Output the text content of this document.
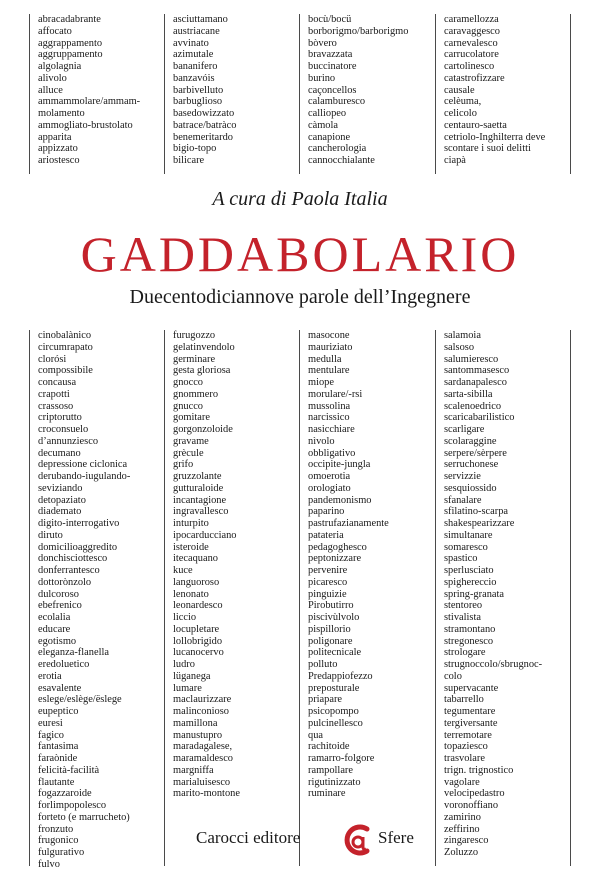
abracadabrante
affocato
aggrappamento
aggruppamento
algolagnia
alivolo
alluce
ammammolare/ammam-
molamento
ammogliato-brustolato
apparita
appizzato
ariostesco
asciuttamano
austriacane
avvinato
azimutale
bananifero
banzavóis
barbivelluto
barbuglioso
basedowizzato
batrace/batràco
benemeritardo
bigio-topo
bilicare
bocù/bocü
borborigmo/barborigmo
bòvero
bravazzata
buccinatore
burino
caçoncellos
calamburesco
calliopeo
càmola
canapione
cancherologia
cannocchialante
caramellozza
caravaggesco
carnevalesco
carrucolatore
cartolinesco
catastrofizzare
causale
celèuma,
celicolo
centauro-saetta
cetriolo-Inghilterra deve
scontare i suoi delitti
ciapà
A cura di Paola Italia
GADDABOLARIO
Duecentodiciannove parole dell’Ingegnere
cinobalànico
circumrapato
clorósi
compossibile
concausa
crapotti
crassoso
criptorutto
croconsuelo
d’annunziesco
decumano
depressione ciclonica
derubando-iugulando-
seviziando
detopaziato
diademato
digito-interrogativo
diruto
domicilioaggredito
donchisciottesco
donferrantesco
dottorònzolo
dulcoroso
ebefrenico
ecolalia
educare
egotismo
eleganza-flanella
eredoluetico
erotia
esavalente
eslege/eslège/ëslege
eupeptico
euresi
fagico
fantasima
faraònide
felicità-facilità
flautante
fogazzaroide
forlimpopolesco
forteto (e marrucheto)
fronzuto
frugonico
fulgurativo
fulvo
furugozzo
gelatinvendolo
germinare
gesta gloriosa
gnocco
gnommero
gnucco
gomitare
gorgonzoloide
gravame
grècule
grifo
gruzzolante
gutturaloide
incantagione
ingravallesco
inturpito
ipocarducciano
isteroide
itecaquano
kuce
languoroso
lenonato
leonardesco
liccio
locupletare
lollobrigido
lucanocervo
ludro
lüganega
lumare
maclaurizzare
malinconioso
mamillona
manustupro
maradagalese,
maramaldesco
margniffa
marialuisesco
marito-montone
masocone
mauriziato
medulla
mentulare
miope
morulare/-rsi
mussolina
narcissico
nasicchiare
nìvolo
obbligativo
occipite-jungla
omoerotia
orologiato
pandemonismo
paparino
pastrufazianamente
patateria
pedagoghesco
peptonizzare
pervenire
picaresco
pinguizie
Pirobutirro
piscivùlvolo
pispillorio
poligonare
politecnicale
polluto
Predappiofezzo
preposturale
priapare
psicopompo
pulcinellesco
qua
rachitoide
ramarro-folgore
rampollare
rigutinizzato
ruminare
salamoia
salsoso
salumieresco
santommasesco
sardanapalesco
sarta-sibilla
scalenoedrico
scaricabarilistico
scarligare
scolaraggine
serpere/sèrpere
serruchonese
servizzie
sesquiossido
sfanalare
sfilatino-scarpa
shakespearizzare
simultanare
somaresco
spastico
sperlusciato
spighereccio
spring-granata
stentoreo
stivalista
stramontano
stregonesco
strologare
strugnoccolo/sbrugnoc-
colo
supervacante
tabarrello
tegumentare
tergiversante
terremotare
topaziesco
trasvolare
trign. trignostico
vagolare
velocipedastro
voronoffiano
zamirino
zeffirino
zingaresco
Zoluzzo
Carocci editore	Sfere
